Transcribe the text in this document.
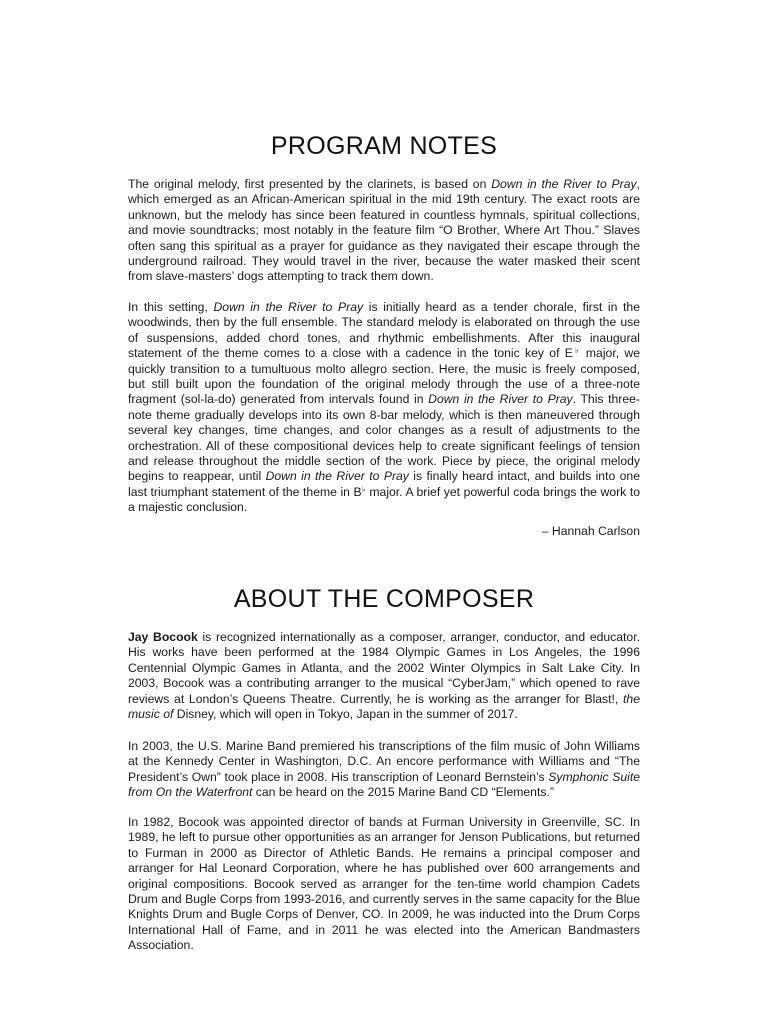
PROGRAM NOTES

The original melody, first presented by the clarinets, is based on Down in the River to Pray, which emerged as an African-American spiritual in the mid 19th century. The exact roots are unknown, but the melody has since been featured in countless hymnals, spiritual collections, and movie soundtracks; most notably in the feature film “O Brother, Where Art Thou.” Slaves often sang this spiritual as a prayer for guidance as they navigated their escape through the underground railroad. They would travel in the river, because the water masked their scent from slave-masters’ dogs attempting to track them down.

In this setting, Down in the River to Pray is initially heard as a tender chorale, first in the woodwinds, then by the full ensemble. The standard melody is elaborated on through the use of suspensions, added chord tones, and rhythmic embellishments. After this inaugural statement of the theme comes to a close with a cadence in the tonic key of E♭ major, we quickly transition to a tumultuous molto allegro section. Here, the music is freely composed, but still built upon the foundation of the original melody through the use of a three-note fragment (sol-la-do) generated from intervals found in Down in the River to Pray. This three-note theme gradually develops into its own 8-bar melody, which is then maneuvered through several key changes, time changes, and color changes as a result of adjustments to the orchestration. All of these compositional devices help to create significant feelings of tension and release throughout the middle section of the work. Piece by piece, the original melody begins to reappear, until Down in the River to Pray is finally heard intact, and builds into one last triumphant statement of the theme in B♭ major. A brief yet powerful coda brings the work to a majestic conclusion.

– Hannah Carlson
ABOUT THE COMPOSER

Jay Bocook is recognized internationally as a composer, arranger, conductor, and educator. His works have been performed at the 1984 Olympic Games in Los Angeles, the 1996 Centennial Olympic Games in Atlanta, and the 2002 Winter Olympics in Salt Lake City. In 2003, Bocook was a contributing arranger to the musical “CyberJam,” which opened to rave reviews at London’s Queens Theatre. Currently, he is working as the arranger for Blast!, the music of Disney, which will open in Tokyo, Japan in the summer of 2017.

In 2003, the U.S. Marine Band premiered his transcriptions of the film music of John Williams at the Kennedy Center in Washington, D.C. An encore performance with Williams and “The President’s Own” took place in 2008. His transcription of Leonard Bernstein’s Symphonic Suite from On the Waterfront can be heard on the 2015 Marine Band CD “Elements.”

In 1982, Bocook was appointed director of bands at Furman University in Greenville, SC. In 1989, he left to pursue other opportunities as an arranger for Jenson Publications, but returned to Furman in 2000 as Director of Athletic Bands. He remains a principal composer and arranger for Hal Leonard Corporation, where he has published over 600 arrangements and original compositions. Bocook served as arranger for the ten-time world champion Cadets Drum and Bugle Corps from 1993-2016, and currently serves in the same capacity for the Blue Knights Drum and Bugle Corps of Denver, CO. In 2009, he was inducted into the Drum Corps International Hall of Fame, and in 2011 he was elected into the American Bandmasters Association.
